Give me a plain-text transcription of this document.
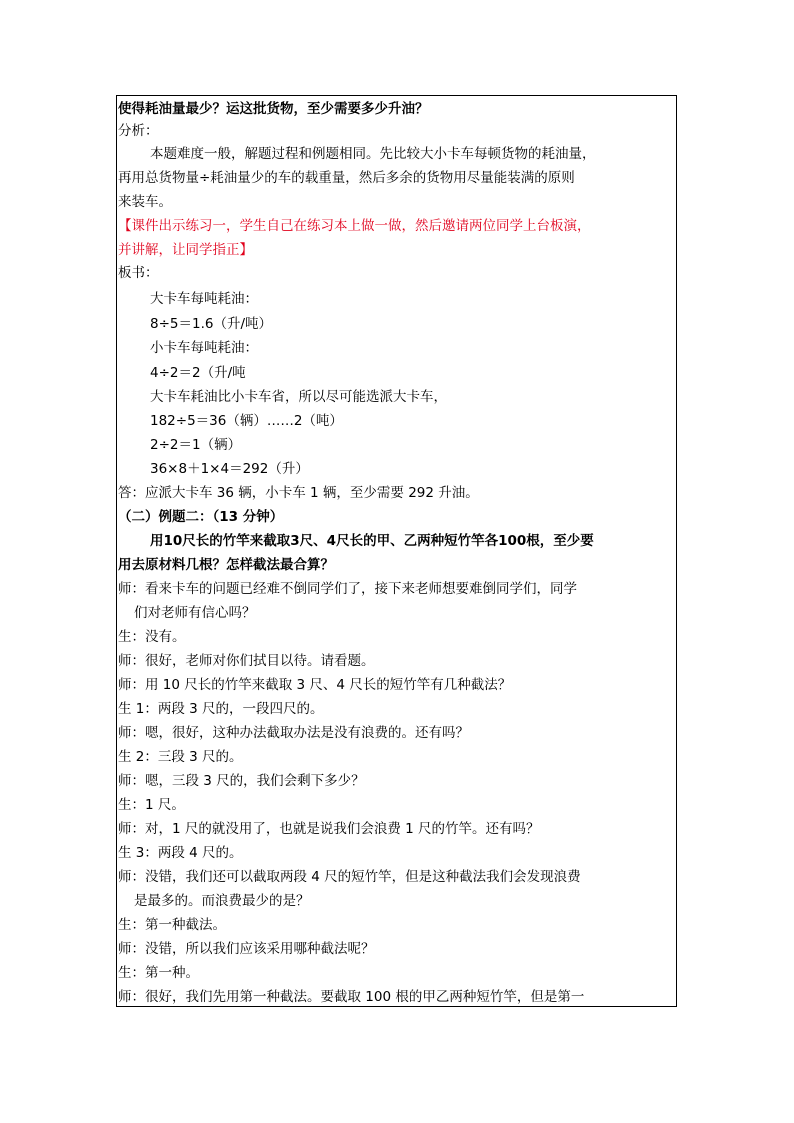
使得耗油量最少？运这批货物，至少需要多少升油？
分析：
本题难度一般，解题过程和例题相同。先比较大小卡车每顿货物的耗油量，
再用总货物量÷耗油量少的车的载重量，然后多余的货物用尽量能装满的原则
来装车。
【课件出示练习一，学生自己在练习本上做一做，然后邀请两位同学上台板演，
并讲解，让同学指正】
板书：
大卡车每吨耗油：
8÷5＝1.6（升/吨）
小卡车每吨耗油：
4÷2＝2（升/吨
大卡车耗油比小卡车省，所以尽可能选派大卡车，
182÷5＝36（辆）……2（吨）
2÷2＝1（辆）
36×8＋1×4＝292（升）
答：应派大卡车 36 辆，小卡车 1 辆，至少需要 292 升油。
（二）例题二：（13 分钟）
用10尺长的竹竿来截取3尺、4尺长的甲、乙两种短竹竿各100根，至少要
用去原材料几根？怎样截法最合算？
师：看来卡车的问题已经难不倒同学们了，接下来老师想要难倒同学们，同学
们对老师有信心吗？
生：没有。
师：很好，老师对你们拭目以待。请看题。
师：用 10 尺长的竹竿来截取 3 尺、4 尺长的短竹竿有几种截法？
生 1：两段 3 尺的，一段四尺的。
师：嗯，很好，这种办法截取办法是没有浪费的。还有吗？
生 2：三段 3 尺的。
师：嗯，三段 3 尺的，我们会剩下多少？
生：1 尺。
师：对，1 尺的就没用了，也就是说我们会浪费 1 尺的竹竿。还有吗？
生 3：两段 4 尺的。
师：没错，我们还可以截取两段 4 尺的短竹竿，但是这种截法我们会发现浪费
是最多的。而浪费最少的是？
生：第一种截法。
师：没错，所以我们应该采用哪种截法呢？
生：第一种。
师：很好，我们先用第一种截法。要截取 100 根的甲乙两种短竹竿，但是第一
